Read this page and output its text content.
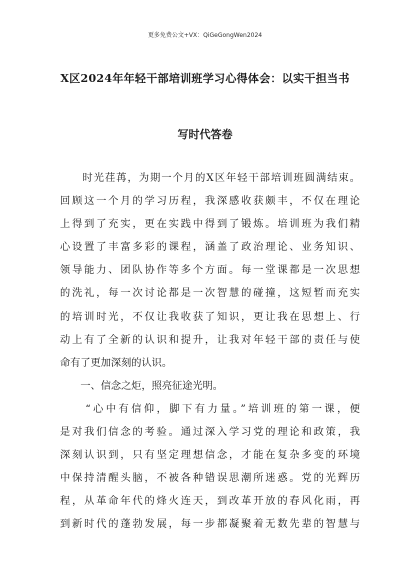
更多免费公文+VX：QiGeGongWen2024
X区2024年年轻干部培训班学习心得体会：以实干担当书
写时代答卷
　　时光荏苒，为期一个月的X区年轻干部培训班圆满结束。
回顾这一个月的学习历程，我深感收获颇丰，不仅在理论
上得到了充实，更在实践中得到了锻炼。培训班为我们精
心设置了丰富多彩的课程，涵盖了政治理论、业务知识、
领导能力、团队协作等多个方面。每一堂课都是一次思想
的洗礼，每一次讨论都是一次智慧的碰撞，这短暂而充实
的培训时光，不仅让我收获了知识，更让我在思想上、行
动上有了全新的认识和提升，让我对年轻干部的责任与使
命有了更加深刻的认识。
　　一、信念之炬，照亮征途光明。
　　“心中有信仰，脚下有力量。”培训班的第一课，便
是对我们信念的考验。通过深入学习党的理论和政策，我
深刻认识到，只有坚定理想信念，才能在复杂多变的环境
中保持清醒头脑，不被各种错误思潮所迷惑。党的光辉历
程，从革命年代的烽火连天，到改革开放的春风化雨，再
到新时代的蓬勃发展，每一步都凝聚着无数先辈的智慧与
